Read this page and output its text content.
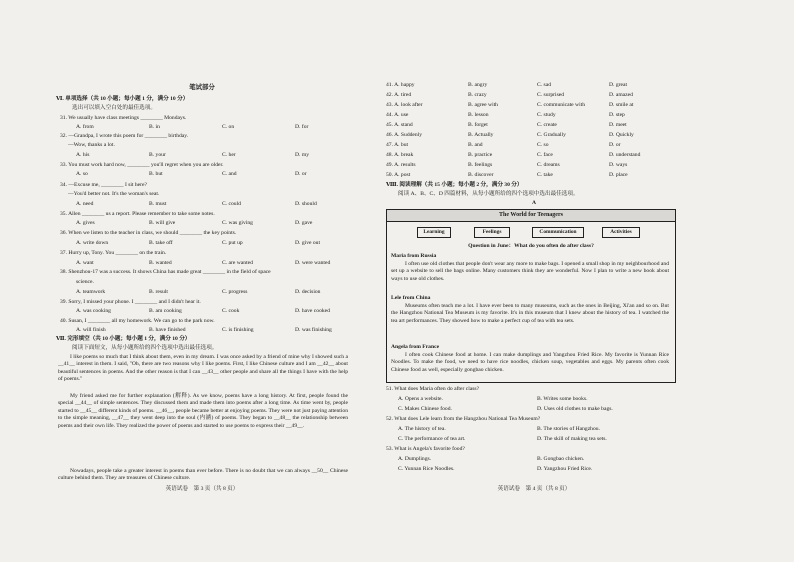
笔试部分
Ⅵ. 单项选择（共 10 小题；每小题 1 分，满分 10 分）
选出可以填入空白处的最佳选项。
31. We usually have class meetings ________ Mondays.
A. from	B. in	C. on	D. for
32. —Grandpa, I wrote this poem for ________ birthday.
—Wow, thanks a lot.
A. his	B. your	C. her	D. my
33. You must work hard now, ________ you'll regret when you are older.
A. so	B. but	C. and	D. or
34. —Excuse me, ________ I sit here?
—You'd better not. It's the woman's seat.
A. need	B. must	C. could	D. should
35. Allen ________ us a report. Please remember to take some notes.
A. gives	B. will give	C. was giving	D. gave
36. When we listen to the teacher in class, we should ________ the key points.
A. write down	B. take off	C. put up	D. give out
37. Hurry up, Tony. You ________ on the train.
A. want	B. wanted	C. are wanted	D. were wanted
38. Shenzhou-17 was a success. It shows China has made great ________ in the field of space
science.
A. teamwork	B. result	C. progress	D. decision
39. Sorry, I missed your phone. I ________ and I didn't hear it.
A. was cooking	B. am cooking	C. cook	D. have cooked
40. Susan, I ________ all my homework. We can go to the park now.
A. will finish	B. have finished	C. is finishing	D. was finishing
Ⅶ. 完形填空（共 10 小题；每小题 1 分，满分 10 分）
阅读下面短文，从每小题所给的四个选项中选出最佳选项。
I like poems so much that I think about them, even in my dream. I was once asked by a friend of mine why I showed such a __41__ interest in them. I said, "Oh, there are two reasons why I like poems. First, I like Chinese culture and I am __42__ about beautiful sentences in poems. And the other reason is that I can __43__ other people and share all the things I have with the help of poems."
My friend asked me for further explanation (解释). As we know, poems have a long history. At first, people found the special __44__ of simple sentences. They discussed them and made them into poems after a long time. As time went by, people started to __45__ different kinds of poems. __46__, people became better at enjoying poems. They were not just paying attention to the simple meaning, __47__ they went deep into the soul (内涵) of poems. They began to __48__ the relationship between poems and their own life. They realized the power of poems and started to use poems to express their __49__.
Nowadays, people take a greater interest in poems than ever before. There is no doubt that we can always __50__ Chinese culture behind them. They are treasures of Chinese culture.
英语试卷　第 3 页（共 8 页）
41. A. happy	B. angry	C. sad	D. great
42. A. tired	B. crazy	C. surprised	D. amazed
43. A. look after	B. agree with	C. communicate with	D. smile at
44. A. use	B. lesson	C. study	D. step
45. A. stand	B. forget	C. create	D. meet
46. A. Suddenly	B. Actually	C. Gradually	D. Quickly
47. A. but	B. and	C. so	D. or
48. A. break	B. practice	C. face	D. understand
49. A. results	B. feelings	C. dreams	D. ways
50. A. post	B. discover	C. take	D. place
Ⅷ. 阅读理解（共 15 小题；每小题 2 分，满分 30 分）
阅读 A、B、C、D 四篇材料，从每小题所给的四个选项中选出最佳选项。
A
The World for Teenagers
Learning	Feelings	Communication	Activities
Question in June：What do you often do after class?
Maria from Russia
I often use old clothes that people don't wear any more to make bags. I opened a small shop in my neighbourhood and set up a website to sell the bags online. Many customers think they are wonderful. Now I plan to write a new book about ways to use old clothes.
Lele from China
Museums often teach me a lot. I have ever been to many museums, such as the ones in Beijing, Xi'an and so on. But the Hangzhou National Tea Museum is my favorite. It's in this museum that I knew about the history of tea. I watched the tea art performances. They showed how to make a perfect cup of tea with tea sets.
Angela from France
I often cook Chinese food at home. I can make dumplings and Yangzhou Fried Rice. My favorite is Yunnan Rice Noodles. To make the food, we need to have rice noodles, chicken soup, vegetables and eggs. My parents often cook Chinese food as well, especially gongbao chicken.
51. What does Maria often do after class?
A. Opens a website.	B. Writes some books.
C. Makes Chinese food.	D. Uses old clothes to make bags.
52. What does Lele learn from the Hangzhou National Tea Museum?
A. The history of tea.	B. The stories of Hangzhou.
C. The performance of tea art.	D. The skill of making tea sets.
53. What is Angela's favorite food?
A. Dumplings.	B. Gongbao chicken.
C. Yunnan Rice Noodles.	D. Yangzhou Fried Rice.
英语试卷　第 4 页（共 8 页）
